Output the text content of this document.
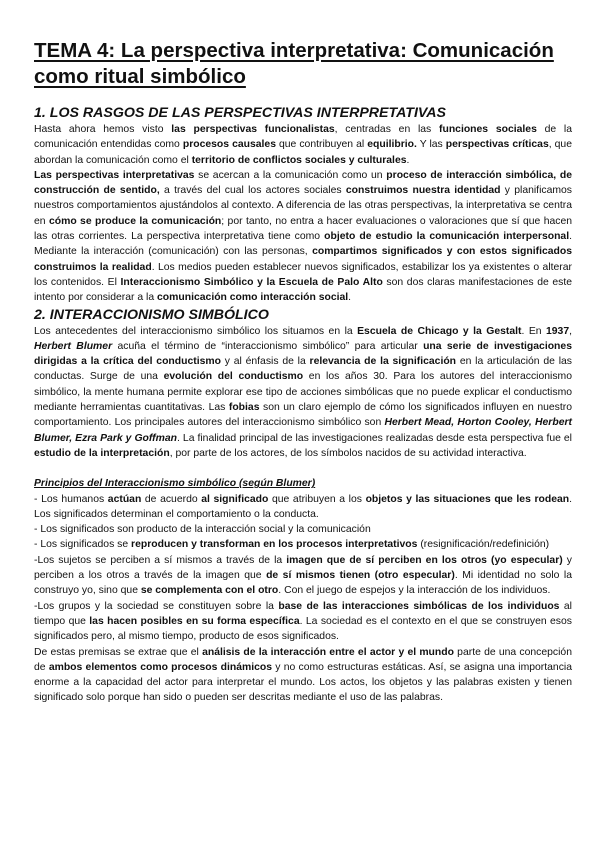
TEMA 4: La perspectiva interpretativa: Comunicación como ritual simbólico
1. LOS RASGOS DE LAS PERSPECTIVAS INTERPRETATIVAS

Hasta ahora hemos visto las perspectivas funcionalistas, centradas en las funciones sociales de la comunicación entendidas como procesos causales que contribuyen al equilibrio. Y las perspectivas críticas, que abordan la comunicación como el territorio de conflictos sociales y culturales.

Las perspectivas interpretativas se acercan a la comunicación como un proceso de interacción simbólica, de construcción de sentido, a través del cual los actores sociales construimos nuestra identidad y planificamos nuestros comportamientos ajustándolos al contexto. A diferencia de las otras perspectivas, la interpretativa se centra en cómo se produce la comunicación; por tanto, no entra a hacer evaluaciones o valoraciones que sí que hacen las otras corrientes. La perspectiva interpretativa tiene como objeto de estudio la comunicación interpersonal. Mediante la interacción (comunicación) con las personas, compartimos significados y con estos significados construimos la realidad. Los medios pueden establecer nuevos significados, estabilizar los ya existentes o alterar los contenidos. El Interaccionismo Simbólico y la Escuela de Palo Alto son dos claras manifestaciones de este intento por considerar a la comunicación como interacción social.

2. INTERACCIONISMO SIMBÓLICO

Los antecedentes del interaccionismo simbólico los situamos en la Escuela de Chicago y la Gestalt. En 1937, Herbert Blumer acuña el término de “interaccionismo simbólico” para articular una serie de investigaciones dirigidas a la crítica del conductismo y al énfasis de la relevancia de la significación en la articulación de las conductas. Surge de una evolución del conductismo en los años 30. Para los autores del interaccionismo simbólico, la mente humana permite explorar ese tipo de acciones simbólicas que no puede explicar el conductismo mediante herramientas cuantitativas. Las fobias son un claro ejemplo de cómo los significados influyen en nuestro comportamiento. Los principales autores del interaccionismo simbólico son Herbert Mead, Horton Cooley, Herbert Blumer, Ezra Park y Goffman. La finalidad principal de las investigaciones realizadas desde esta perspectiva fue el estudio de la interpretación, por parte de los actores, de los símbolos nacidos de su actividad interactiva.

Principios del Interaccionismo simbólico (según Blumer)

- Los humanos actúan de acuerdo al significado que atribuyen a los objetos y las situaciones que les rodean. Los significados determinan el comportamiento o la conducta.

- Los significados son producto de la interacción social y la comunicación

- Los significados se reproducen y transforman en los procesos interpretativos (resignificación/redefinición)

-Los sujetos se perciben a sí mismos a través de la imagen que de sí perciben en los otros (yo especular) y perciben a los otros a través de la imagen que de sí mismos tienen (otro especular). Mi identidad no solo la construyo yo, sino que se complementa con el otro. Con el juego de espejos y la interacción de los individuos.

-Los grupos y la sociedad se constituyen sobre la base de las interacciones simbólicas de los individuos al tiempo que las hacen posibles en su forma específica. La sociedad es el contexto en el que se construyen esos significados pero, al mismo tiempo, producto de esos significados.

De estas premisas se extrae que el análisis de la interacción entre el actor y el mundo parte de una concepción de ambos elementos como procesos dinámicos y no como estructuras estáticas. Así, se asigna una importancia enorme a la capacidad del actor para interpretar el mundo. Los actos, los objetos y las palabras existen y tienen significado solo porque han sido o pueden ser descritas mediante el uso de las palabras.
